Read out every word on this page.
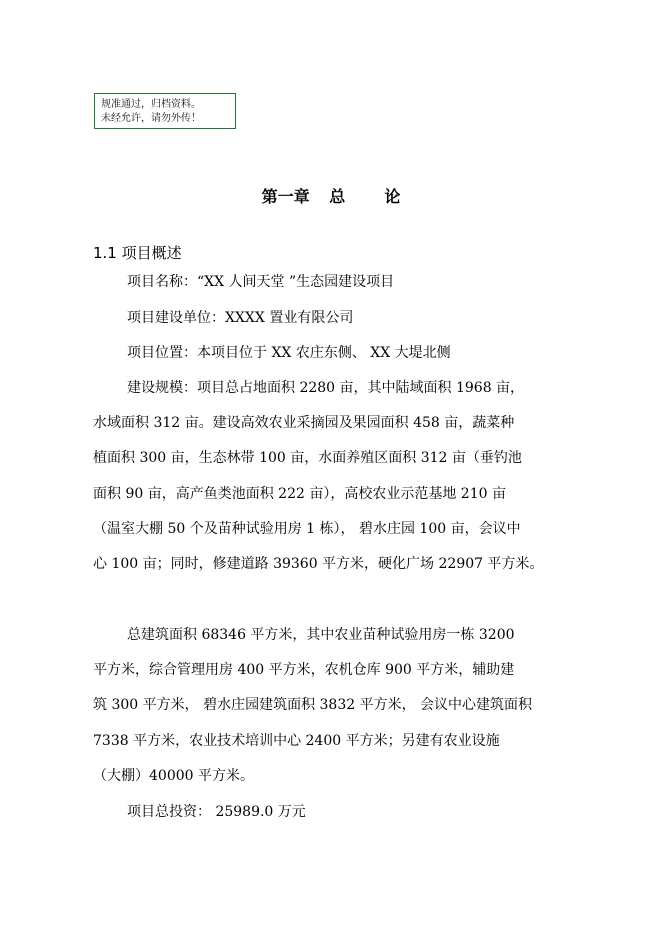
规准通过，归档资料。
未经允许，请勿外传！
第一章 总  论
1.1 项目概述
项目名称：“XX 人间天堂 ”生态园建设项目
项目建设单位：XXXX 置业有限公司
项目位置：本项目位于 XX 农庄东侧、 XX 大堤北侧
建设规模：项目总占地面积 2280 亩，其中陆域面积 1968 亩，
水域面积 312 亩。建设高效农业采摘园及果园面积 458 亩，蔬菜种
植面积 300 亩，生态林带 100 亩，水面养殖区面积 312 亩（垂钓池
面积 90 亩，高产鱼类池面积 222 亩），高校农业示范基地 210 亩
（温室大棚 50 个及苗种试验用房 1 栋）， 碧水庄园 100 亩，会议中
心 100 亩；同时，修建道路 39360 平方米，硬化广场 22907 平方米。
总建筑面积 68346 平方米，其中农业苗种试验用房一栋 3200
平方米，综合管理用房 400 平方米，农机仓库 900 平方米，辅助建
筑 300 平方米， 碧水庄园建筑面积 3832 平方米， 会议中心建筑面积
7338 平方米，农业技术培训中心 2400 平方米；另建有农业设施
（大棚）40000 平方米。
项目总投资： 25989.0 万元
